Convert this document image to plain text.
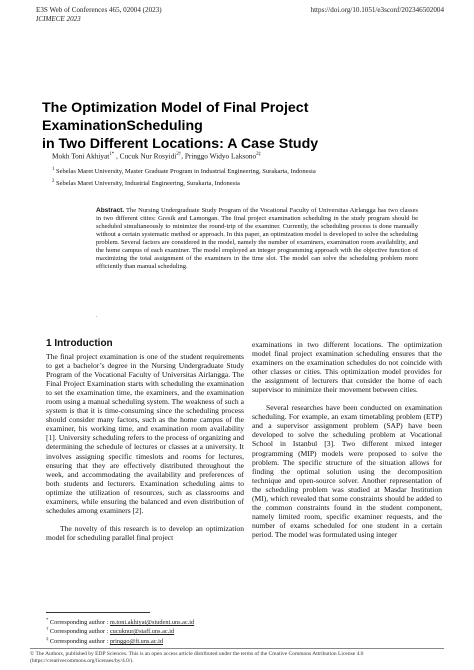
E3S Web of Conferences 465, 02004 (2023)
ICIMECE 2023
https://doi.org/10.1051/e3sconf/202346502004
The Optimization Model of Final Project ExaminationScheduling
in Two Different Locations: A Case Study
Mokh Toni Akhiyat$^{1*}$ , Cucuk Nur Rosyidi$^{2\dagger}$, Pringgo Widyo Laksono$^{2\ddagger}$
$^1$ Sebelas Maret University, Master Graduate Program in Industrial Engineering, Surakarta, Indonesia
$^2$ Sebelas Maret University, Industrial Engineering, Surakarta, Indonesia
Abstract. The Nursing Undergraduate Study Program of the Vocational Faculty of Universitas Airlangga has two classes in two different cities: Gresik and Lamongan. The final project examination scheduling in the study program should be scheduled simultaneously to minimize the round-trip of the examiner. Currently, the scheduling process is done manually without a certain systematic method or approach. In this paper, an optimization model is developed to solve the scheduling problem. Several factors are considered in the model, namely the number of examiners, examination room availability, and the home campus of each examiner. The model employed an integer programming approach with the objective function of maximizing the total assignment of the examiners in the time slot. The model can solve the scheduling problem more efficiently than manual scheduling.
.
1 Introduction

The final project examination is one of the student requirements to get a bachelor’s degree in the Nursing Undergraduate Study Program of the Vocational Faculty of Universitas Airlangga. The Final Project Examination starts with scheduling the examination to set the examination time, the examiners, and the examination room using a manual scheduling system. The weakness of such a system is that it is time-consuming since the scheduling process should consider many factors, such as the home campus of the examiner, his working time, and examination room availability [1]. University scheduling refers to the process of organizing and determining the schedule of lectures or classes at a university. It involves assigning specific timeslots and rooms for lectures, ensuring that they are effectively distributed throughout the week, and accommodating the availability and preferences of both students and lecturers. Examination scheduling aims to optimize the utilization of resources, such as classrooms and examiners, while ensuring the balanced and even distribution of schedules among examiners [2].

The novelty of this research is to develop an optimization model for scheduling parallel final project

examinations in two different locations. The optimization model final project examination scheduling ensures that the examiners on the examination schedules do not coincide with other classes or cities. This optimization model provides for the assignment of lecturers that consider the home of each supervisor to minimize their movement between cities.

Several researches have been conducted on examination scheduling. For example, an exam timetabling problem (ETP) and a supervisor assignment problem (SAP) have been developed to solve the scheduling problem at Vocational School in Istanbul [3]. Two different mixed integer programming (MIP) models were proposed to solve the problem. The specific structure of the situation allows for finding the optimal solution using the decomposition technique and open-source solver. Another representation of the scheduling problem was studied at Masdar Institution (MI), which revealed that some constraints should be added to the common constraints found in the student component, namely limited room, specific examiner requests, and the number of exams scheduled for one student in a certain period. The model was formulated using integer

* Corresponding author : m.toni.akhiyat@student.uns.ac.id
† Corresponding author : cucuknur@staff.uns.ac.id
‡ Corresponding author : pringgo@ft.uns.ac.id
© The Authors, published by EDP Sciences. This is an open access article distributed under the terms of the Creative Commons Attribution License 4.0
(https://creativecommons.org/licenses/by/4.0/).
